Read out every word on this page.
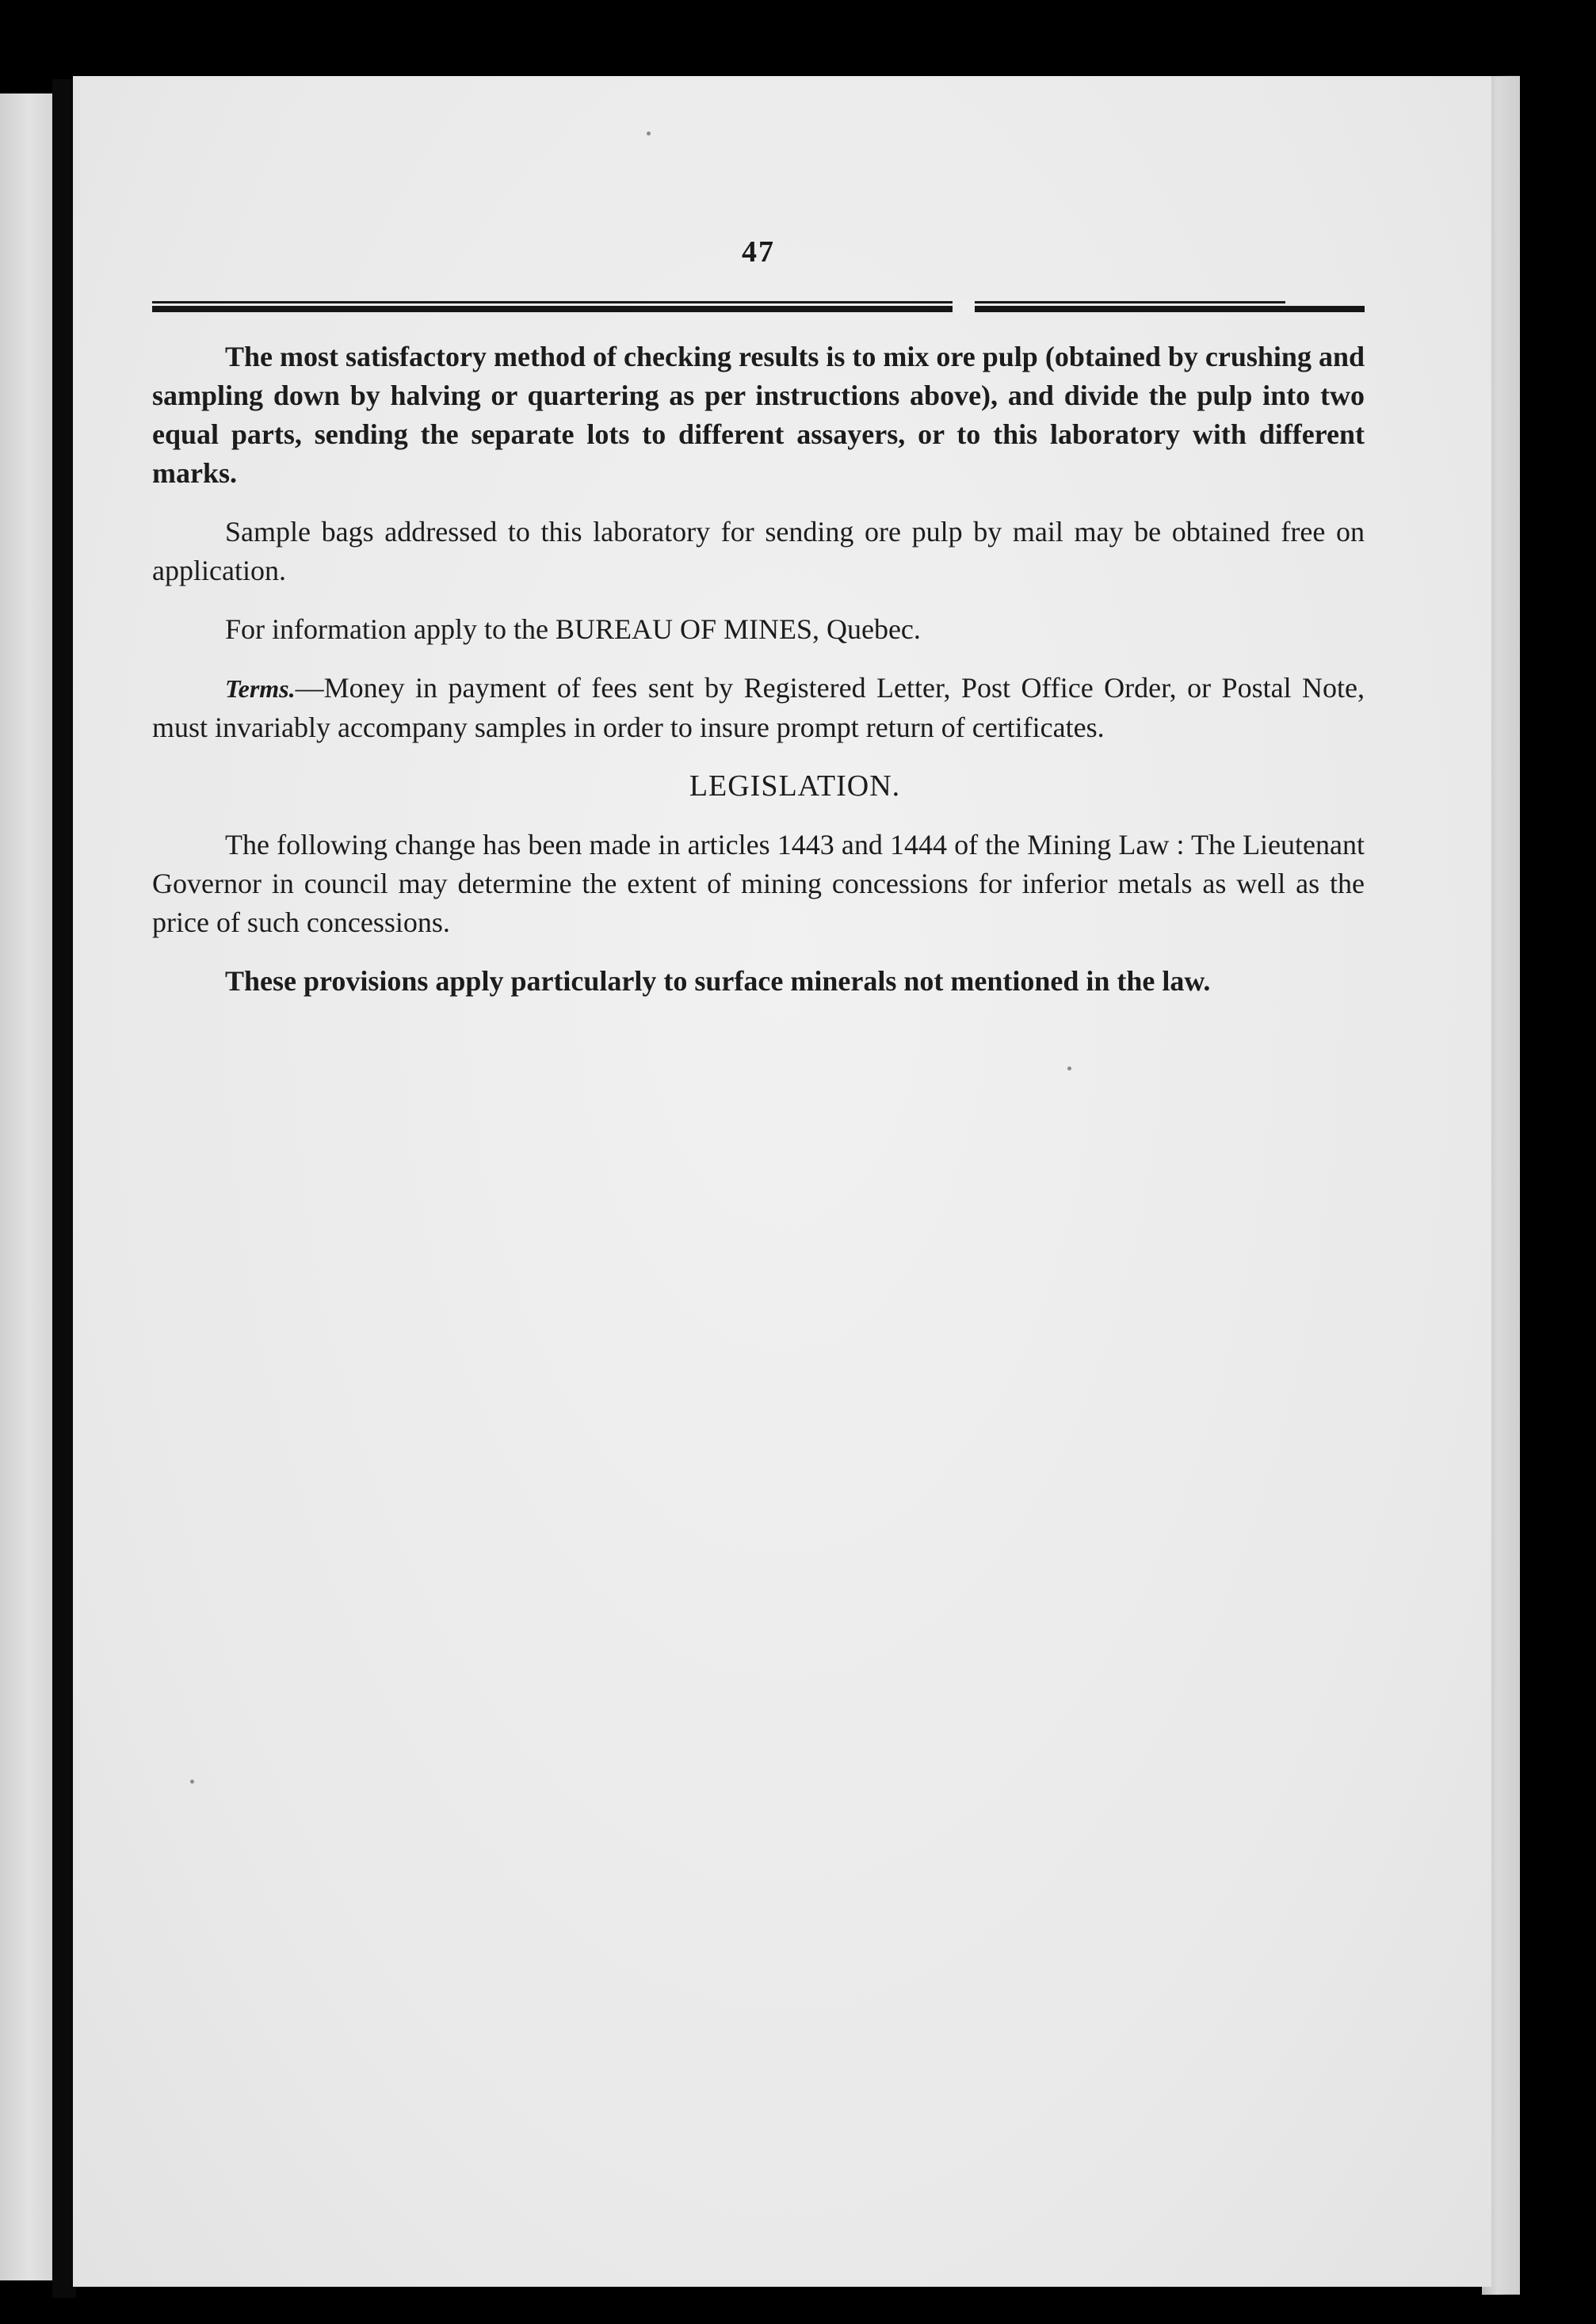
47

The most satisfactory method of checking results is to mix ore pulp (obtained by crushing and sampling down by halving or quartering as per instructions above), and divide the pulp into two equal parts, sending the separate lots to different assayers, or to this laboratory with different marks.

Sample bags addressed to this laboratory for sending ore pulp by mail may be obtained free on application.

For information apply to the BUREAU OF MINES, Quebec.

Terms.—Money in payment of fees sent by Registered Letter, Post Office Order, or Postal Note, must invariably accompany samples in order to insure prompt return of certificates.

LEGISLATION.

The following change has been made in articles 1443 and 1444 of the Mining Law : The Lieutenant Governor in council may determine the extent of mining concessions for inferior metals as well as the price of such concessions.

These provisions apply particularly to surface minerals not mentioned in the law.
